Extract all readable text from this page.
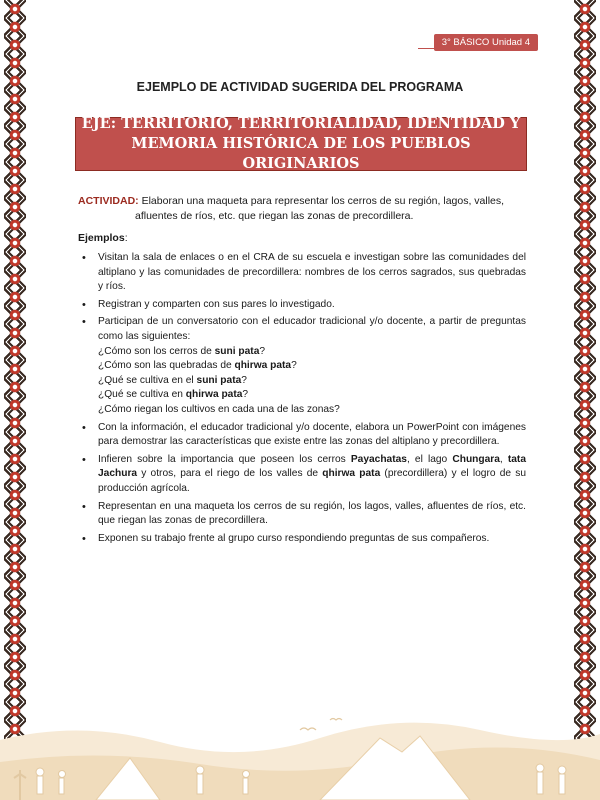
3° BÁSICO Unidad 4
EJEMPLO DE ACTIVIDAD SUGERIDA DEL PROGRAMA
EJE: TERRITORIO, TERRITORIALIDAD, IDENTIDAD Y
MEMORIA HISTÓRICA DE LOS PUEBLOS ORIGINARIOS
ACTIVIDAD: Elaboran una maqueta para representar los cerros de su región, lagos, valles,
afluentes de ríos, etc. que riegan las zonas de precordillera.
Ejemplos:
• Visitan la sala de enlaces o en el CRA de su escuela e investigan sobre las comunidades del altiplano y las comunidades de precordillera: nombres de los cerros sagrados, sus quebradas y ríos.
• Registran y comparten con sus pares lo investigado.
• Participan de un conversatorio con el educador tradicional y/o docente, a partir de preguntas como las siguientes:
¿Cómo son los cerros de suni pata?
¿Cómo son las quebradas de qhirwa pata?
¿Qué se cultiva en el suni pata?
¿Qué se cultiva en qhirwa pata?
¿Cómo riegan los cultivos en cada una de las zonas?
• Con la información, el educador tradicional y/o docente, elabora un PowerPoint con imágenes para demostrar las características que existe entre las zonas del altiplano y precordillera.
• Infieren sobre la importancia que poseen los cerros Payachatas, el lago Chungara, tata Jachura y otros, para el riego de los valles de qhirwa pata (precordillera) y el logro de su producción agrícola.
• Representan en una maqueta los cerros de su región, los lagos, valles, afluentes de ríos, etc. que riegan las zonas de precordillera.
• Exponen su trabajo frente al grupo curso respondiendo preguntas de sus compañeros.
